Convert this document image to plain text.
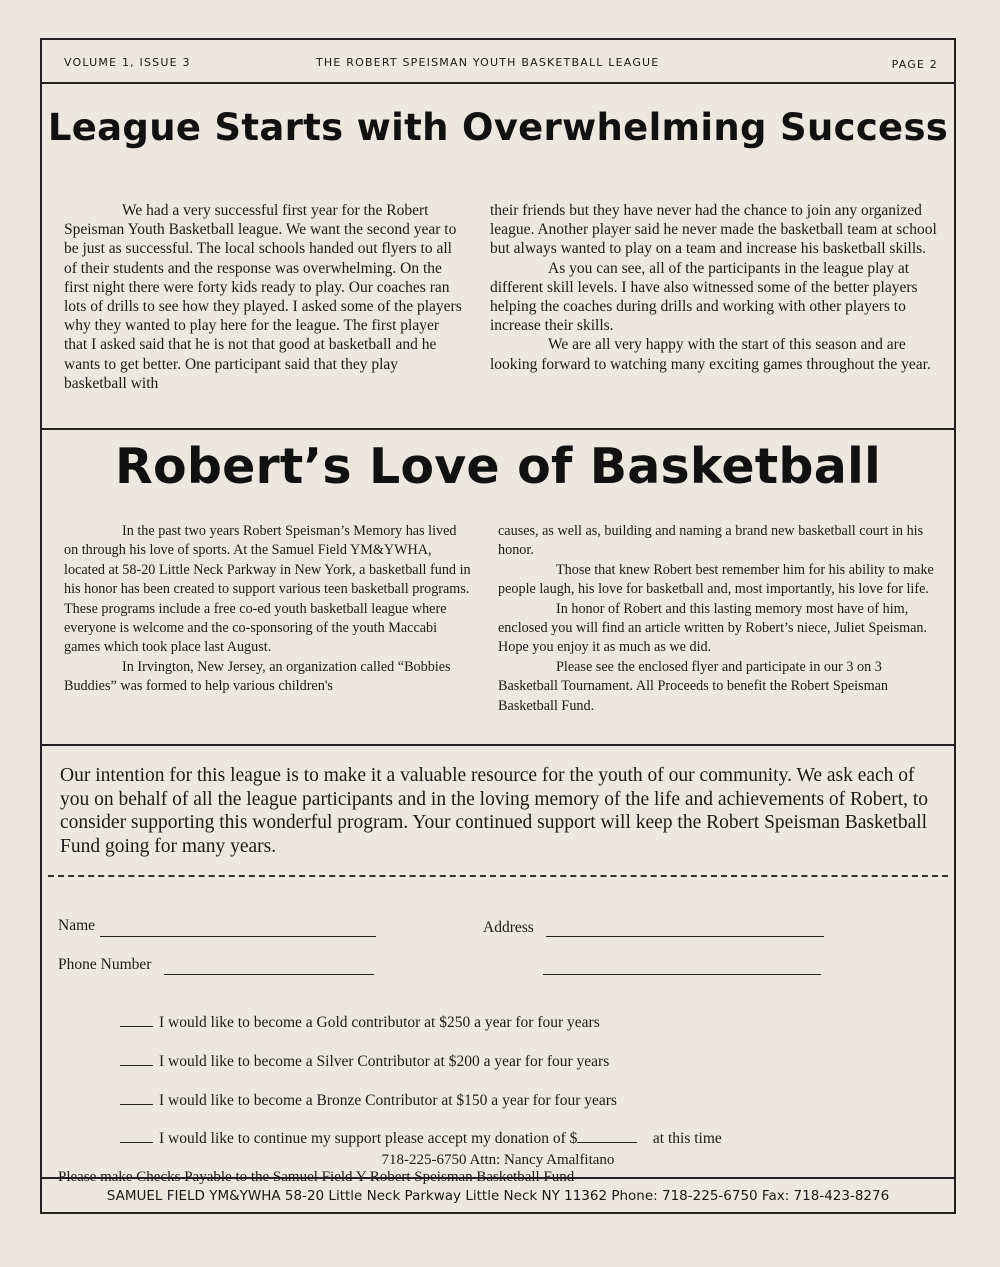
VOLUME 1, ISSUE 3	THE ROBERT SPEISMAN YOUTH BASKETBALL LEAGUE	PAGE 2
League Starts with Overwhelming Success

We had a very successful first year for the Robert Speisman Youth Basketball league. We want the second year to be just as successful. The local schools handed out flyers to all of their students and the response was overwhelming. On the first night there were forty kids ready to play. Our coaches ran lots of drills to see how they played. I asked some of the players why they wanted to play here for the league. The first player that I asked said that he is not that good at basketball and he wants to get better. One participant said that they play basketball with

their friends but they have never had the chance to join any organized league. Another player said he never made the basketball team at school but always wanted to play on a team and increase his basketball skills.

As you can see, all of the participants in the league play at different skill levels. I have also witnessed some of the better players helping the coaches during drills and working with other players to increase their skills.

We are all very happy with the start of this season and are looking forward to watching many exciting games throughout the year.

Robert’s Love of Basketball

In the past two years Robert Speisman’s Memory has lived on through his love of sports. At the Samuel Field YM&YWHA, located at 58-20 Little Neck Parkway in New York, a basketball fund in his honor has been created to support various teen basketball programs. These programs include a free co-ed youth basketball league where everyone is welcome and the co-sponsoring of the youth Maccabi games which took place last August.

In Irvington, New Jersey, an organization called “Bobbies Buddies” was formed to help various children's

causes, as well as, building and naming a brand new basketball court in his honor.

Those that knew Robert best remember him for his ability to make people laugh, his love for basketball and, most importantly, his love for life.

In honor of Robert and this lasting memory most have of him, enclosed you will find an article written by Robert’s niece, Juliet Speisman. Hope you enjoy it as much as we did.

Please see the enclosed flyer and participate in our 3 on 3 Basketball Tournament. All Proceeds to benefit the Robert Speisman Basketball Fund.

Our intention for this league is to make it a valuable resource for the youth of our community. We ask each of you on behalf of all the league participants and in the loving memory of the life and achievements of Robert, to consider supporting this wonderful program. Your continued support will keep the Robert Speisman Basketball Fund going for many years.

Name	Address
Phone Number
I would like to become a Gold contributor at $250 a year for four years
I would like to become a Silver Contributor at $200 a year for four years
I would like to become a Bronze Contributor at $150 a year for four years
I would like to continue my support please accept my donation of $	at this time
Please make Checks Payable to the Samuel Field Y Robert Speisman Basketball Fund
718-225-6750 Attn: Nancy Amalfitano
SAMUEL FIELD YM&YWHA 58-20 Little Neck Parkway Little Neck NY 11362 Phone: 718-225-6750 Fax: 718-423-8276
